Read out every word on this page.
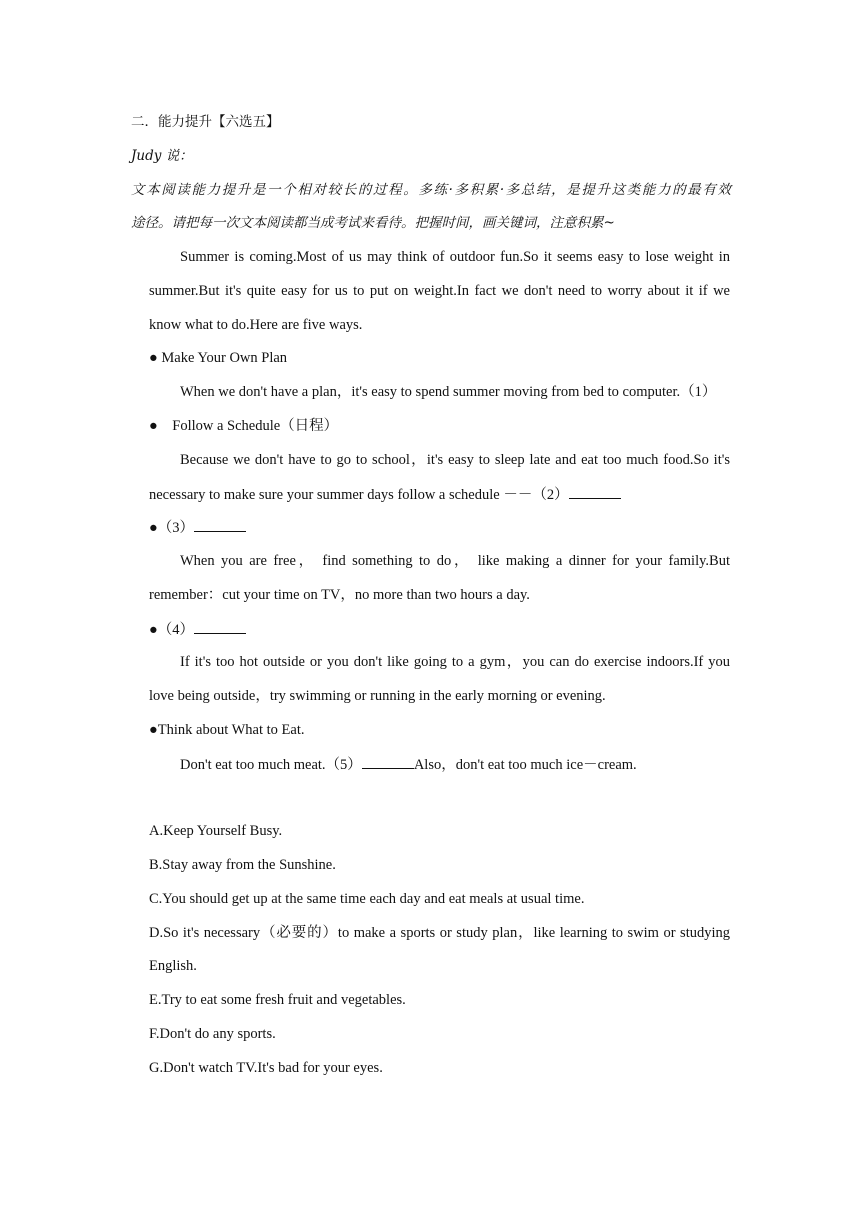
二．能力提升【六选五】
Judy 说：
文本阅读能力提升是一个相对较长的过程。多练·多积累·多总结，是提升这类能力的最有效
途径。请把每一次文本阅读都当成考试来看待。把握时间，画关键词，注意积累~
Summer is coming.Most of us may think of outdoor fun.So it seems easy to lose weight in
summer.But it's quite easy for us to put on weight.In fact we don't need to worry about it if we
know what to do.Here are five ways.
● Make Your Own Plan
When we don't have a plan，it's easy to spend summer moving from bed to computer.（1）
●　Follow a Schedule（日程）
Because we don't have to go to school，it's easy to sleep late and eat too much food.So it's
necessary to make sure your summer days follow a schedule －－（2）
●（3）
When you are free， find something to do， like making a dinner for your family.But
remember：cut your time on TV，no more than two hours a day.
●（4）
If it's too hot outside or you don't like going to a gym，you can do exercise indoors.If you
love being outside，try swimming or running in the early morning or evening.
●Think about What to Eat.
Don't eat too much meat.（5）	Also，don't eat too much ice－cream.
A.Keep Yourself Busy.
B.Stay away from the Sunshine.
C.You should get up at the same time each day and eat meals at usual time.
D.So it's necessary（必要的）to make a sports or study plan，like learning to swim or studying
English.
E.Try to eat some fresh fruit and vegetables.
F.Don't do any sports.
G.Don't watch TV.It's bad for your eyes.
